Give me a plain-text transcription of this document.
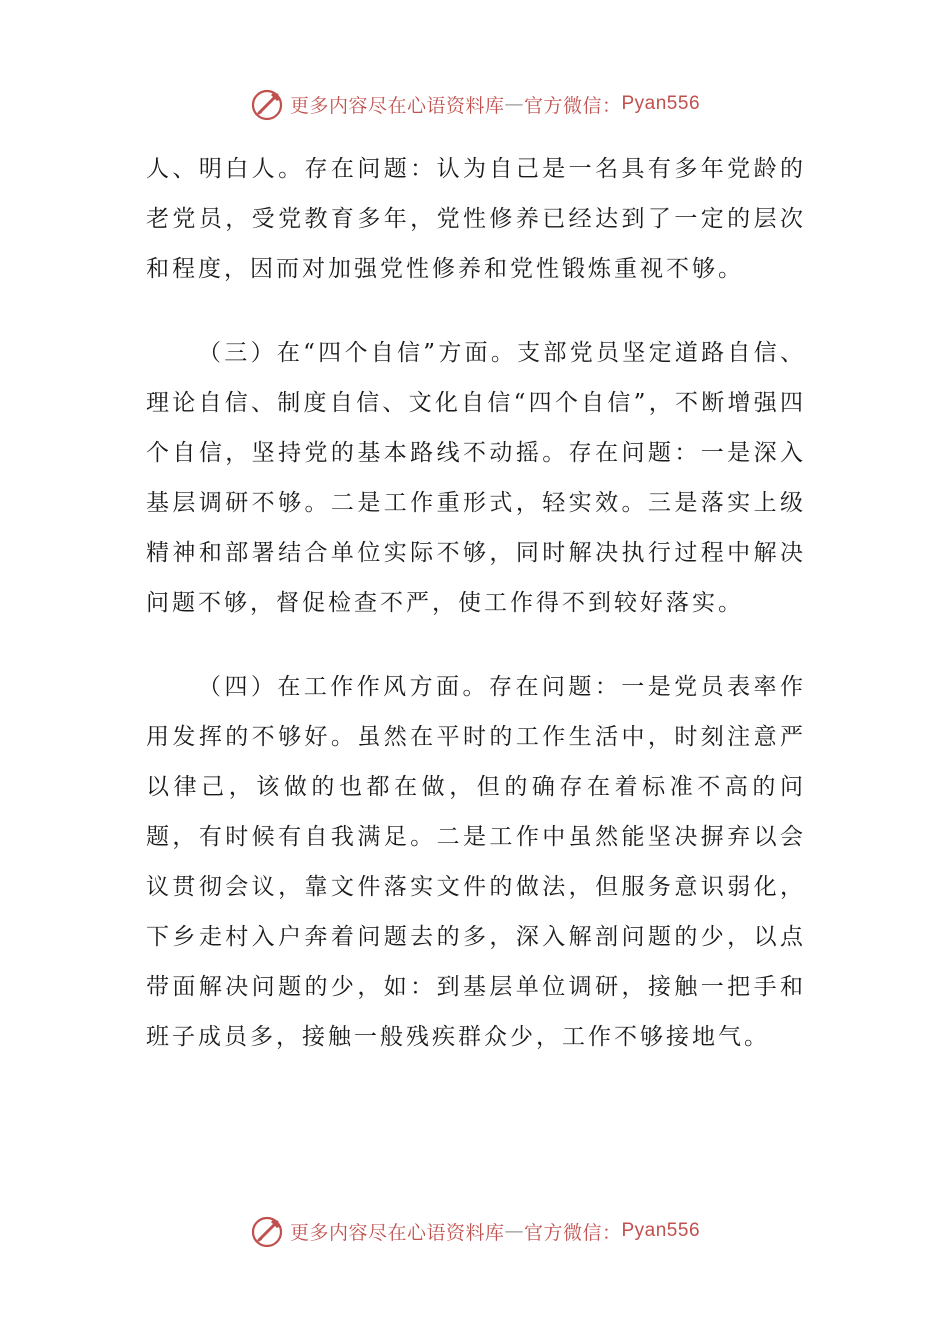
更多内容尽在心语资料库 — 官方微信： Pyan556

人、明白人。存在问题：认为自己是一名具有多年党龄的老党员，受党教育多年，党性修养已经达到了一定的层次和程度，因而对加强党性修养和党性锻炼重视不够。

（三）在“四个自信”方面。支部党员坚定道路自信、理论自信、制度自信、文化自信“四个自信”，不断增强四个自信，坚持党的基本路线不动摇。存在问题：一是深入基层调研不够。二是工作重形式，轻实效。三是落实上级精神和部署结合单位实际不够，同时解决执行过程中解决问题不够，督促检查不严，使工作得不到较好落实。

（四）在工作作风方面。存在问题：一是党员表率作用发挥的不够好。虽然在平时的工作生活中，时刻注意严以律己，该做的也都在做，但的确存在着标准不高的问题，有时候有自我满足。二是工作中虽然能坚决摒弃以会议贯彻会议，靠文件落实文件的做法，但服务意识弱化，下乡走村入户奔着问题去的多，深入解剖问题的少，以点带面解决问题的少，如：到基层单位调研，接触一把手和班子成员多，接触一般残疾群众少，工作不够接地气。

更多内容尽在心语资料库 — 官方微信： Pyan556
